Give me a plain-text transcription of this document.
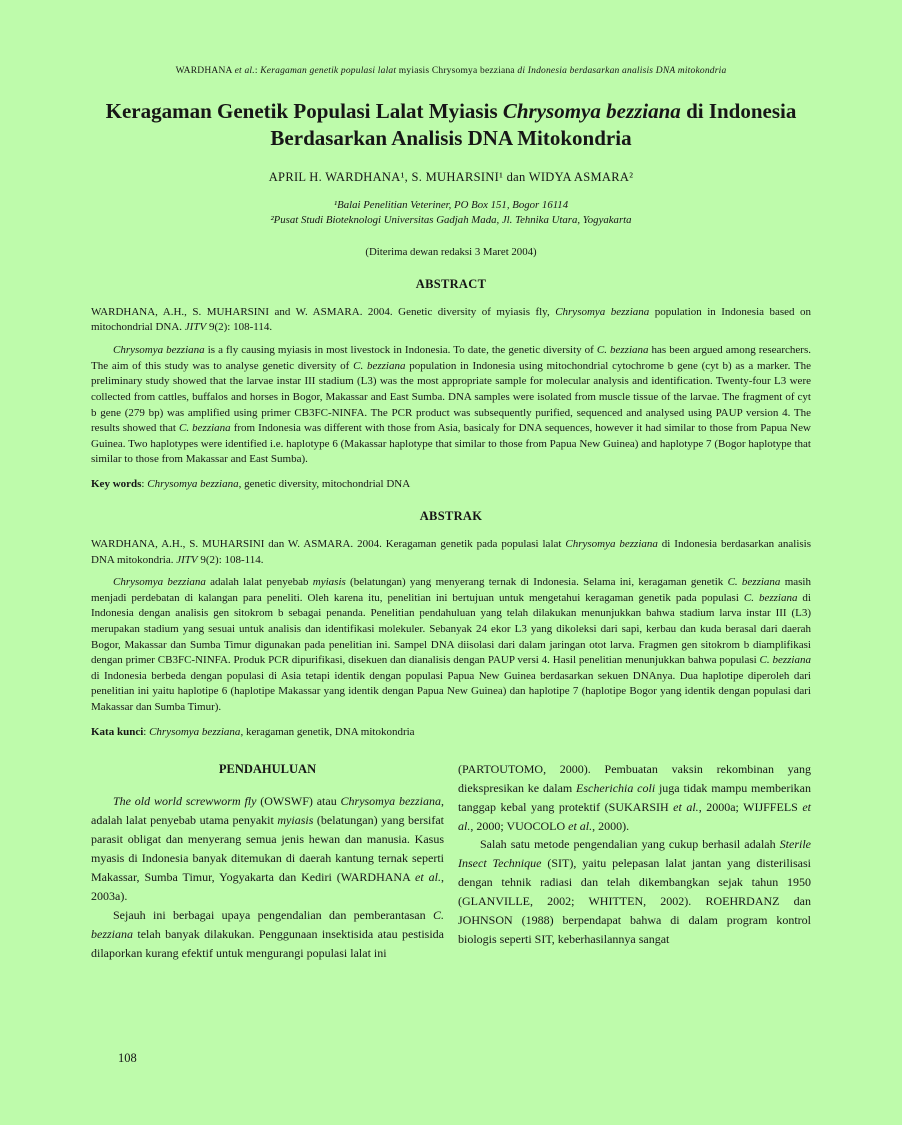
WARDHANA et al.: Keragaman genetik populasi lalat myiasis Chrysomya bezziana di Indonesia berdasarkan analisis DNA mitokondria
Keragaman Genetik Populasi Lalat Myiasis Chrysomya bezziana di Indonesia Berdasarkan Analisis DNA Mitokondria
APRIL H. WARDHANA¹, S. MUHARSINI¹ dan WIDYA ASMARA²

¹Balai Penelitian Veteriner, PO Box 151, Bogor 16114

²Pusat Studi Bioteknologi Universitas Gadjah Mada, Jl. Tehnika Utara, Yogyakarta

(Diterima dewan redaksi 3 Maret 2004)
ABSTRACT

WARDHANA, A.H., S. MUHARSINI and W. ASMARA. 2004. Genetic diversity of myiasis fly, Chrysomya bezziana population in Indonesia based on mitochondrial DNA. JITV 9(2): 108-114.

Chrysomya bezziana is a fly causing myiasis in most livestock in Indonesia. To date, the genetic diversity of C. bezziana has been argued among researchers. The aim of this study was to analyse genetic diversity of C. bezziana population in Indonesia using mitochondrial cytochrome b gene (cyt b) as a marker. The preliminary study showed that the larvae instar III stadium (L3) was the most appropriate sample for molecular analysis and identification. Twenty-four L3 were collected from cattles, buffalos and horses in Bogor, Makassar and East Sumba. DNA samples were isolated from muscle tissue of the larvae. The fragment of cyt b gene (279 bp) was amplified using primer CB3FC-NINFA. The PCR product was subsequently purified, sequenced and analysed using PAUP version 4. The results showed that C. bezziana from Indonesia was different with those from Asia, basicaly for DNA sequences, however it had similar to those from Papua New Guinea. Two haplotypes were identified i.e. haplotype 6 (Makassar haplotype that similar to those from Papua New Guinea) and haplotype 7 (Bogor haplotype that similar to those from Makassar and East Sumba).

Key words: Chrysomya bezziana, genetic diversity, mitochondrial DNA

ABSTRAK

WARDHANA, A.H., S. MUHARSINI dan W. ASMARA. 2004. Keragaman genetik pada populasi lalat Chrysomya bezziana di Indonesia berdasarkan analisis DNA mitokondria. JITV 9(2): 108-114.

Chrysomya bezziana adalah lalat penyebab myiasis (belatungan) yang menyerang ternak di Indonesia. Selama ini, keragaman genetik C. bezziana masih menjadi perdebatan di kalangan para peneliti. Oleh karena itu, penelitian ini bertujuan untuk mengetahui keragaman genetik pada populasi C. bezziana di Indonesia dengan analisis gen sitokrom b sebagai penanda. Penelitian pendahuluan yang telah dilakukan menunjukkan bahwa stadium larva instar III (L3) merupakan stadium yang sesuai untuk analisis dan identifikasi molekuler. Sebanyak 24 ekor L3 yang dikoleksi dari sapi, kerbau dan kuda berasal dari daerah Bogor, Makassar dan Sumba Timur digunakan pada penelitian ini. Sampel DNA diisolasi dari dalam jaringan otot larva. Fragmen gen sitokrom b diamplifikasi dengan primer CB3FC-NINFA. Produk PCR dipurifikasi, disekuen dan dianalisis dengan PAUP versi 4. Hasil penelitian menunjukkan bahwa populasi C. bezziana di Indonesia berbeda dengan populasi di Asia tetapi identik dengan populasi Papua New Guinea berdasarkan sekuen DNAnya. Dua haplotipe diperoleh dari penelitian ini yaitu haplotipe 6 (haplotipe Makassar yang identik dengan Papua New Guinea) dan haplotipe 7 (haplotipe Bogor yang identik dengan populasi dari Makassar dan Sumba Timur).

Kata kunci: Chrysomya bezziana, keragaman genetik, DNA mitokondria

PENDAHULUAN

The old world screwworm fly (OWSWF) atau Chrysomya bezziana, adalah lalat penyebab utama penyakit myiasis (belatungan) yang bersifat parasit obligat dan menyerang semua jenis hewan dan manusia. Kasus myasis di Indonesia banyak ditemukan di daerah kantung ternak seperti Makassar, Sumba Timur, Yogyakarta dan Kediri (WARDHANA et al., 2003a).

Sejauh ini berbagai upaya pengendalian dan pemberantasan C. bezziana telah banyak dilakukan. Penggunaan insektisida atau pestisida dilaporkan kurang efektif untuk mengurangi populasi lalat ini

(PARTOUTOMO, 2000). Pembuatan vaksin rekombinan yang diekspresikan ke dalam Escherichia coli juga tidak mampu memberikan tanggap kebal yang protektif (SUKARSIH et al., 2000a; WIJFFELS et al., 2000; VUOCOLO et al., 2000).

Salah satu metode pengendalian yang cukup berhasil adalah Sterile Insect Technique (SIT), yaitu pelepasan lalat jantan yang disterilisasi dengan tehnik radiasi dan telah dikembangkan sejak tahun 1950 (GLANVILLE, 2002; WHITTEN, 2002). ROEHRDANZ dan JOHNSON (1988) berpendapat bahwa di dalam program kontrol biologis seperti SIT, keberhasilannya sangat

108
